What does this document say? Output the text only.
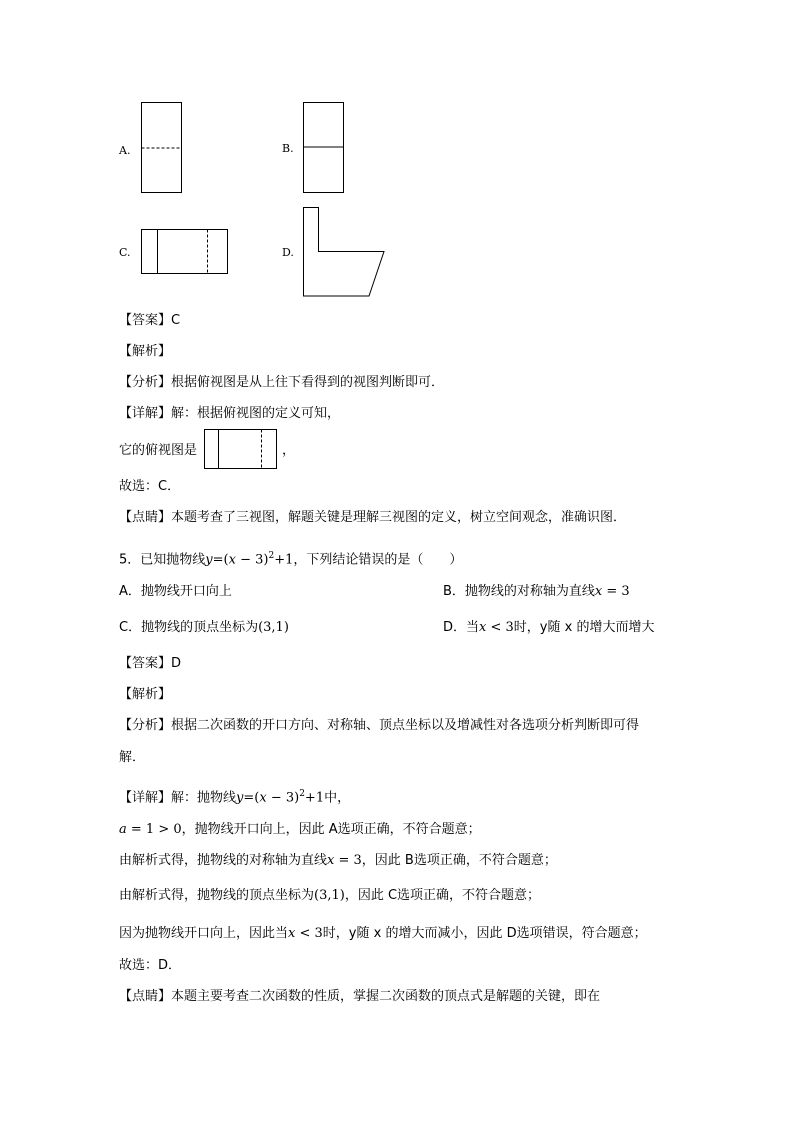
A.	B.
C.	D.
【答案】C
【解析】
【分析】根据俯视图是从上往下看得到的视图判断即可．
【详解】解：根据俯视图的定义可知，
它的俯视图是	，
故选：C．
【点睛】本题考查了三视图，解题关键是理解三视图的定义，树立空间观念，准确识图．
5．已知抛物线$y=(x - 3)^2+1$，下列结论错误的是（　　）
A．抛物线开口向上	B．抛物线的对称轴为直线x = 3
C．抛物线的顶点坐标为(3,1)	D．当x < 3时，y随 x 的增大而增大
【答案】D
【解析】
【分析】根据二次函数的开口方向、对称轴、顶点坐标以及增减性对各选项分析判断即可得
解．
【详解】解：抛物线$y=(x - 3)^2+1$中，
a = 1 > 0，抛物线开口向上，因此 A选项正确，不符合题意；
由解析式得，抛物线的对称轴为直线x = 3，因此 B选项正确，不符合题意；
由解析式得，抛物线的顶点坐标为(3,1)，因此 C选项正确，不符合题意；
因为抛物线开口向上，因此当x < 3时，y随 x 的增大而减小，因此 D选项错误，符合题意；
故选：D．
【点睛】本题主要考查二次函数的性质，掌握二次函数的顶点式是解题的关键，即在
